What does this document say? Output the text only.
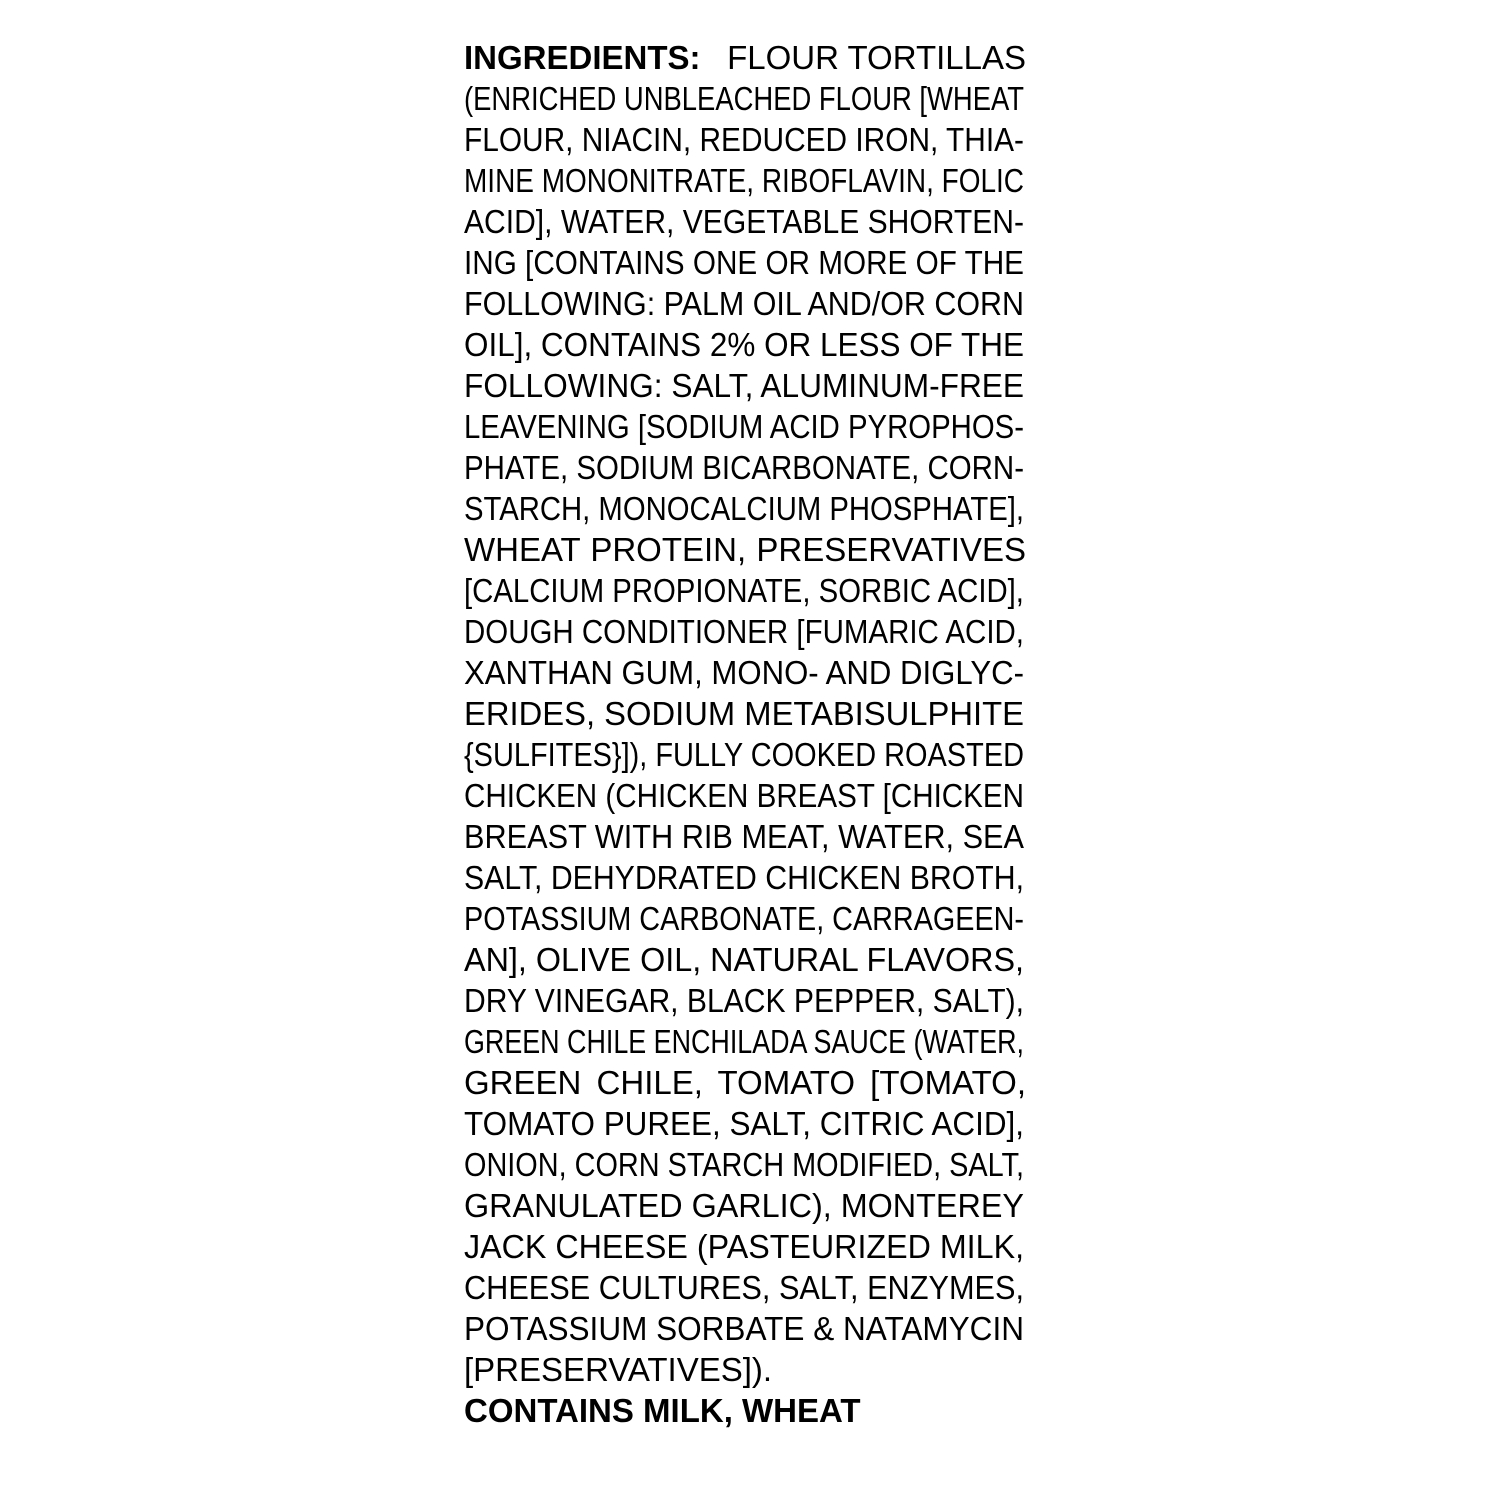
INGREDIENTS: FLOUR TORTILLAS
(ENRICHED UNBLEACHED FLOUR [WHEAT
FLOUR, NIACIN, REDUCED IRON, THIA-
MINE MONONITRATE, RIBOFLAVIN, FOLIC
ACID], WATER, VEGETABLE SHORTEN-
ING [CONTAINS ONE OR MORE OF THE
FOLLOWING: PALM OIL AND/OR CORN
OIL], CONTAINS 2% OR LESS OF THE
FOLLOWING: SALT, ALUMINUM-FREE
LEAVENING [SODIUM ACID PYROPHOS-
PHATE, SODIUM BICARBONATE, CORN-
STARCH, MONOCALCIUM PHOSPHATE],
WHEAT PROTEIN, PRESERVATIVES
[CALCIUM PROPIONATE, SORBIC ACID],
DOUGH CONDITIONER [FUMARIC ACID,
XANTHAN GUM, MONO- AND DIGLYC-
ERIDES, SODIUM METABISULPHITE
{SULFITES}]), FULLY COOKED ROASTED
CHICKEN (CHICKEN BREAST [CHICKEN
BREAST WITH RIB MEAT, WATER, SEA
SALT, DEHYDRATED CHICKEN BROTH,
POTASSIUM CARBONATE, CARRAGEEN-
AN], OLIVE OIL, NATURAL FLAVORS,
DRY VINEGAR, BLACK PEPPER, SALT),
GREEN CHILE ENCHILADA SAUCE (WATER,
GREEN CHILE, TOMATO [TOMATO,
TOMATO PUREE, SALT, CITRIC ACID],
ONION, CORN STARCH MODIFIED, SALT,
GRANULATED GARLIC), MONTEREY
JACK CHEESE (PASTEURIZED MILK,
CHEESE CULTURES, SALT, ENZYMES,
POTASSIUM SORBATE & NATAMYCIN
[PRESERVATIVES]).
CONTAINS MILK, WHEAT
